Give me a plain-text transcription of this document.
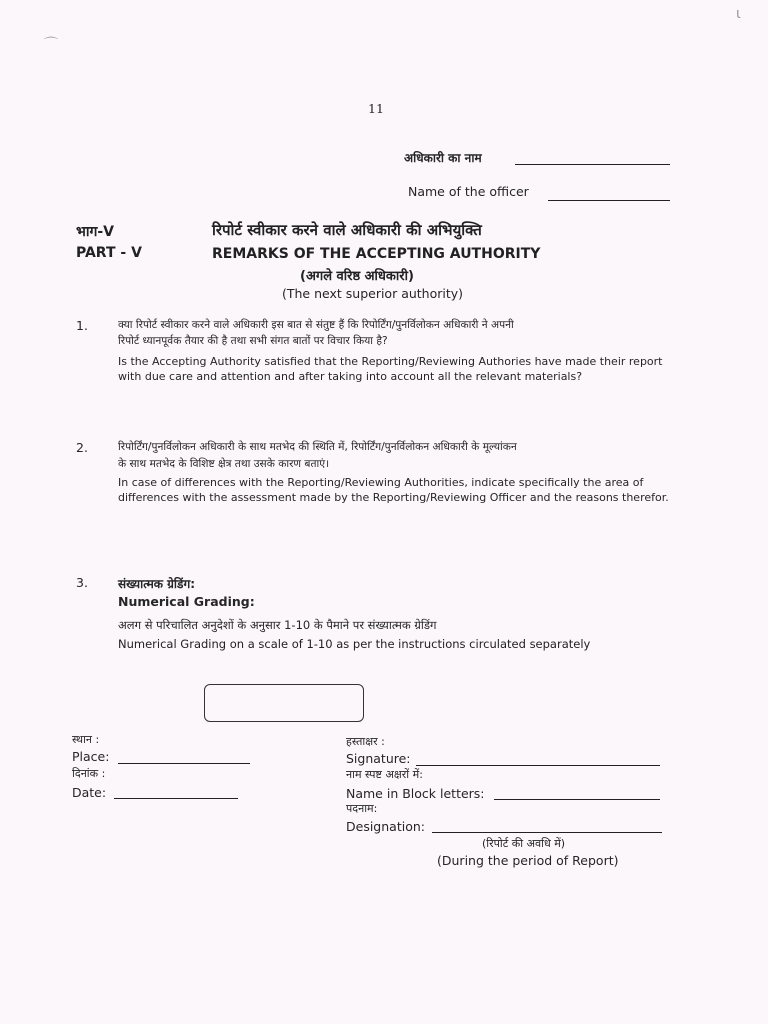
⌒
ɩ
11
अधिकारी का नाम
Name of the officer
भाग-V
PART - V
रिपोर्ट स्वीकार करने वाले अधिकारी की अभियुक्ति
REMARKS OF THE ACCEPTING AUTHORITY
(अगले वरिष्ठ अधिकारी)
(The next superior authority)
1.	क्या रिपोर्ट स्वीकार करने वाले अधिकारी इस बात से संतुष्ट हैं कि रिपोर्टिंग/पुनर्विलोकन अधिकारी ने अपनी
रिपोर्ट ध्यानपूर्वक तैयार की है तथा सभी संगत बातों पर विचार किया है?
Is the Accepting Authority satisfied that the Reporting/Reviewing Authories have made their report with due care and attention and after taking into account all the relevant materials?
2.	रिपोर्टिंग/पुनर्विलोकन अधिकारी के साथ मतभेद की स्थिति में, रिपोर्टिंग/पुनर्विलोकन अधिकारी के मूल्यांकन
के साथ मतभेद के विशिष्ट क्षेत्र तथा उसके कारण बताएं।
In case of differences with the Reporting/Reviewing Authorities, indicate specifically the area of differences with the assessment made by the Reporting/Reviewing Officer and the reasons therefor.
3.	संख्यात्मक ग्रेडिंग:
Numerical Grading:
अलग से परिचालित अनुदेशों के अनुसार 1-10 के पैमाने पर संख्यात्मक ग्रेडिंग
Numerical Grading on a scale of 1-10 as per the instructions circulated separately
स्थान :
Place:
दिनांक :
Date:
हस्ताक्षर :
Signature:
नाम स्पष्ट अक्षरों में:
Name in Block letters:
पदनाम:
Designation:
(रिपोर्ट की अवधि में)
(During the period of Report)
